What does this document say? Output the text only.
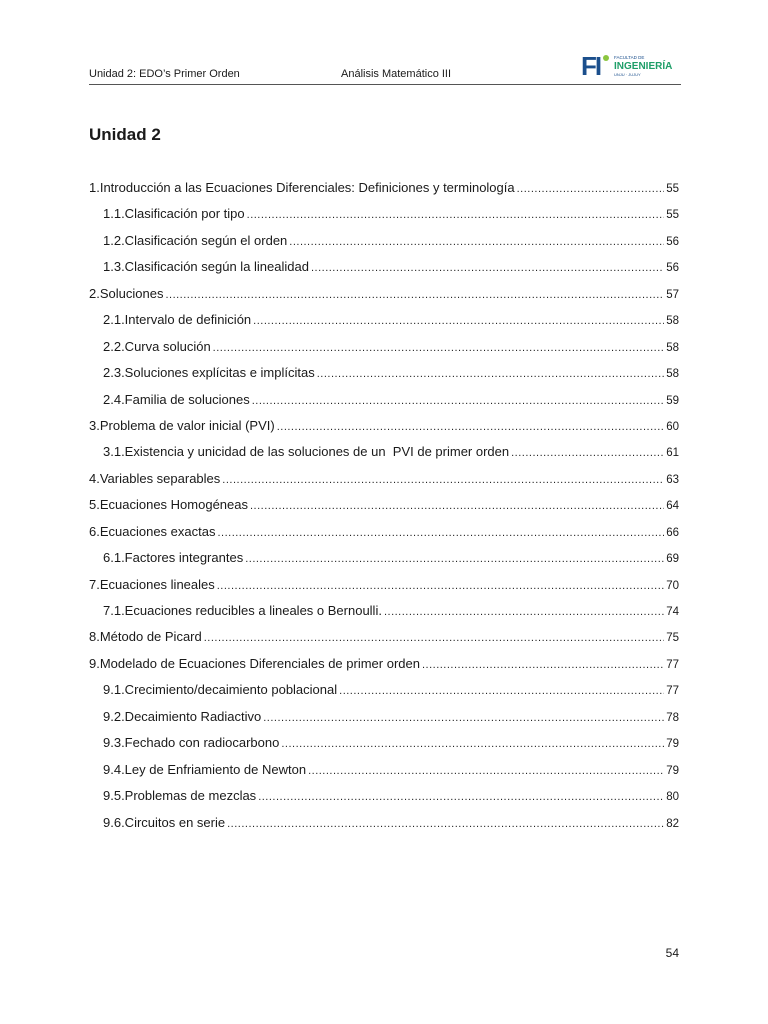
Unidad 2: EDO’s Primer Orden	Análisis Matemático III	FI	FACULTAD DE
INGENIERÍA
UNJU · JUJUY
Unidad 2
1.Introducción a las Ecuaciones Diferenciales: Definiciones y terminología .....	55
1.1.Clasificación por tipo .....	55
1.2.Clasificación según el orden .....	56
1.3.Clasificación según la linealidad .....	56
2.Soluciones .....	57
2.1.Intervalo de definición .....	58
2.2.Curva solución .....	58
2.3.Soluciones explícitas e implícitas .....	58
2.4.Familia de soluciones .....	59
3.Problema de valor inicial (PVI) .....	60
3.1.Existencia y unicidad de las soluciones de un  PVI de primer orden .....	61
4.Variables separables .....	63
5.Ecuaciones Homogéneas .....	64
6.Ecuaciones exactas .....	66
6.1.Factores integrantes .....	69
7.Ecuaciones lineales .....	70
7.1.Ecuaciones reducibles a lineales o Bernoulli. .....	74
8.Método de Picard .....	75
9.Modelado de Ecuaciones Diferenciales de primer orden .....	77
9.1.Crecimiento/decaimiento poblacional .....	77
9.2.Decaimiento Radiactivo .....	78
9.3.Fechado con radiocarbono .....	79
9.4.Ley de Enfriamiento de Newton .....	79
9.5.Problemas de mezclas .....	80
9.6.Circuitos en serie .....	82
54
